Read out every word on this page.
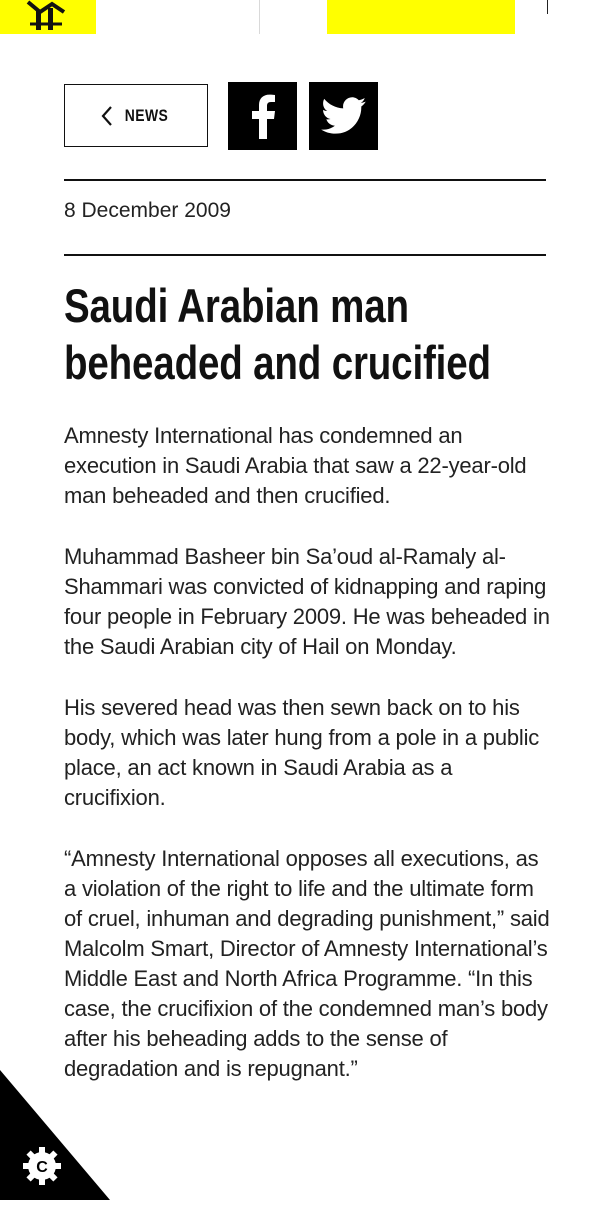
NEWS
8 December 2009
Saudi Arabian man
beheaded and crucified

Amnesty International has condemned an execution in Saudi Arabia that saw a 22-year-old man beheaded and then crucified.

Muhammad Basheer bin Sa’oud al-Ramaly al-Shammari was convicted of kidnapping and raping four people in February 2009. He was beheaded in the Saudi Arabian city of Hail on Monday.

His severed head was then sewn back on to his body, which was later hung from a pole in a public place, an act known in Saudi Arabia as a crucifixion.

“Amnesty International opposes all executions, as a violation of the right to life and the ultimate form of cruel, inhuman and degrading punishment,” said Malcolm Smart, Director of Amnesty International’s Middle East and North Africa Programme. “In this case, the crucifixion of the condemned man’s body after his beheading adds to the sense of degradation and is repugnant.”

C
